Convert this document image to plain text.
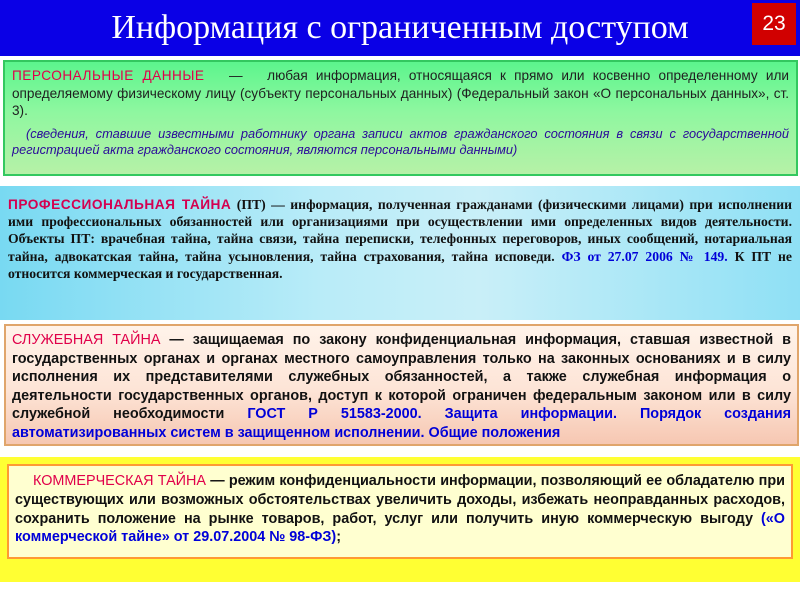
Информация с ограниченным доступом	23

ПЕРСОНАЛЬНЫЕ ДАННЫЕ   —   любая информация, относящаяся к прямо или косвенно определенному или определяемому физическому лицу (субъекту персональных данных) (Федеральный закон «О персональных данных», ст. 3).

(сведения, ставшие известными работнику органа записи актов гражданского состояния в связи с государственной регистрацией акта гражданского состояния, являются персональными данными)

ПРОФЕССИОНАЛЬНАЯ ТАЙНА (ПТ) — информация, полученная гражданами (физическими лицами) при исполнении ими профессиональных обязанностей или организациями при осуществлении ими определенных видов деятельности. Объекты ПТ: врачебная тайна, тайна связи, тайна переписки, телефонных переговоров, иных сообщений, нотариальная тайна, адвокатская тайна, тайна усыновления, тайна страхования, тайна исповеди. ФЗ от 27.07 2006 № 149. К ПТ не относится коммерческая и государственная.

СЛУЖЕБНАЯ ТАЙНА — защищаемая по закону конфиденциальная информация, ставшая известной в государственных органах и органах местного самоуправления только на законных основаниях и в силу исполнения их представителями служебных обязанностей, а также служебная информация о деятельности государственных органов, доступ к которой ограничен федеральным законом или в силу служебной необходимости ГОСТ Р 51583-2000. Защита информации. Порядок создания автоматизированных систем в защищенном исполнении. Общие положения

КОММЕРЧЕСКАЯ ТАЙНА — режим конфиденциальности информации, позволяющий ее обладателю при существующих или возможных обстоятельствах увеличить доходы, избежать неоправданных расходов, сохранить положение на рынке товаров, работ, услуг или получить иную коммерческую выгоду («О коммерческой тайне» от 29.07.2004 № 98-ФЗ);
